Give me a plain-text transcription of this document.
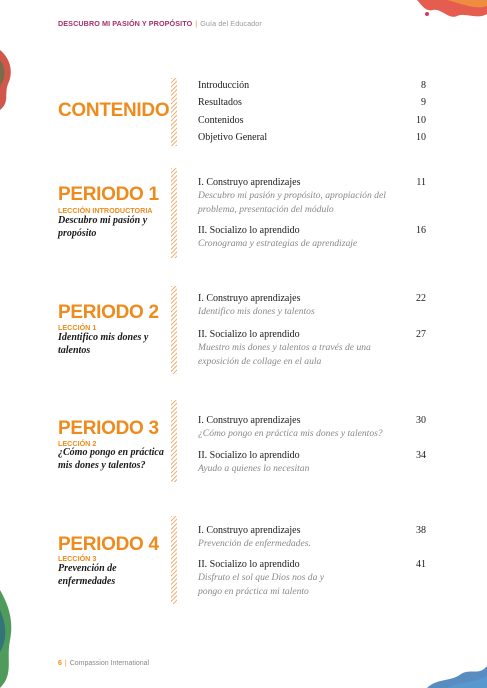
DESCUBRO MI PASIÓN Y PROPÓSITO | Guía del Educador
CONTENIDO
Introducción	8
Resultados	9
Contenidos	10
Objetivo General	10
PERIODO 1
LECCIÓN INTRODUCTORIA
Descubro mi pasión y propósito
I. Construyo aprendizajes	11
Descubro mi pasión y propósito, apropiación del problema, presentación del módulo
II. Socializo lo aprendido	16
Cronograma y estrategias de aprendizaje
PERIODO 2
LECCIÓN 1
Identifico mis dones y talentos
I. Construyo aprendizajes	22
Identifico mis dones y talentos
II. Socializo lo aprendido	27
Muestro mis dones y talentos a través de una exposición de collage en el aula
PERIODO 3
LECCIÓN 2
¿Cómo pongo en práctica mis dones y talentos?
I. Construyo aprendizajes	30
¿Cómo pongo en práctica mis dones y talentos?
II. Socializo lo aprendido	34
Ayudo a quienes lo necesitan
PERIODO 4
LECCIÓN 3
Prevención de enfermedades
I. Construyo aprendizajes	38
Prevención de enfermedades.
II. Socializo lo aprendido	41
Disfruto el sol que Dios nos da y pongo en práctica mi talento
6 | Compassion International
